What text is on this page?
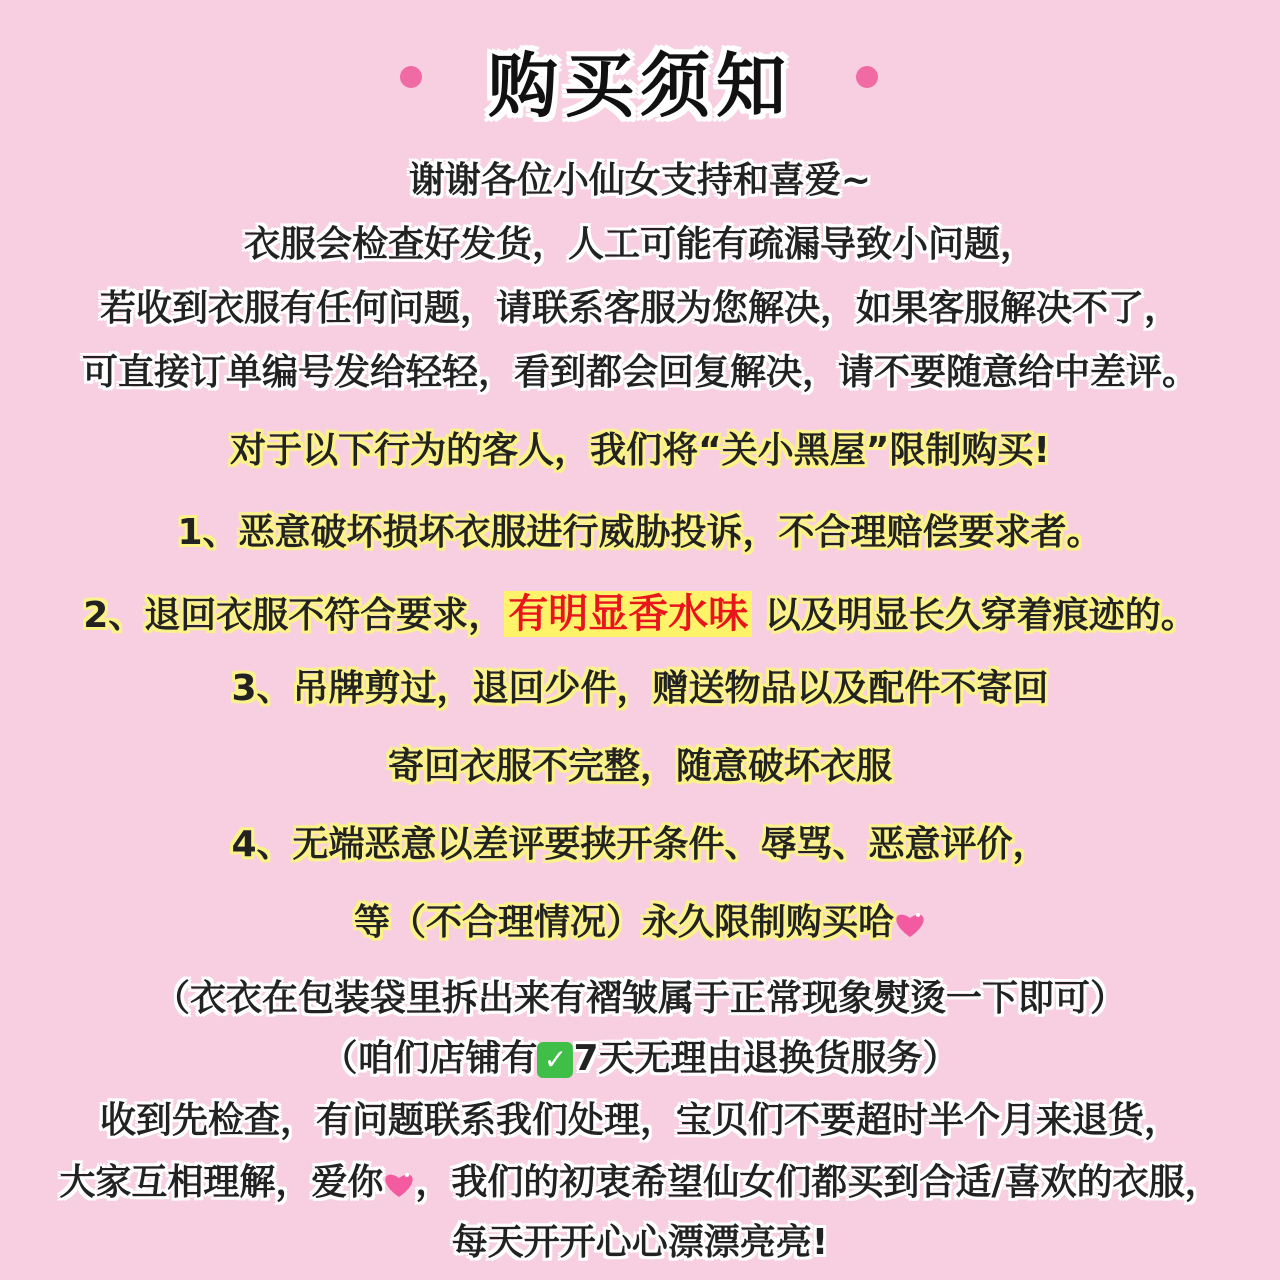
购买须知
谢谢各位小仙女支持和喜爱~
衣服会检查好发货，人工可能有疏漏导致小问题，
若收到衣服有任何问题，请联系客服为您解决，如果客服解决不了，
可直接订单编号发给轻轻，看到都会回复解决，请不要随意给中差评。
对于以下行为的客人，我们将“关小黑屋”限制购买!
1、恶意破坏损坏衣服进行威胁投诉，不合理赔偿要求者。
2、退回衣服不符合要求， 有明显香水味 以及明显长久穿着痕迹的。
3、吊牌剪过，退回少件，赠送物品以及配件不寄回
寄回衣服不完整，随意破坏衣服
4、无端恶意以差评要挟开条件、辱骂、恶意评价，
等（不合理情况）永久限制购买哈
（衣衣在包装袋里拆出来有褶皱属于正常现象熨烫一下即可）
（咱们店铺有 ✓ 7天无理由退换货服务）
收到先检查，有问题联系我们处理，宝贝们不要超时半个月来退货，
大家互相理解，爱你 ，我们的初衷希望仙女们都买到合适/喜欢的衣服，
每天开开心心漂漂亮亮!
